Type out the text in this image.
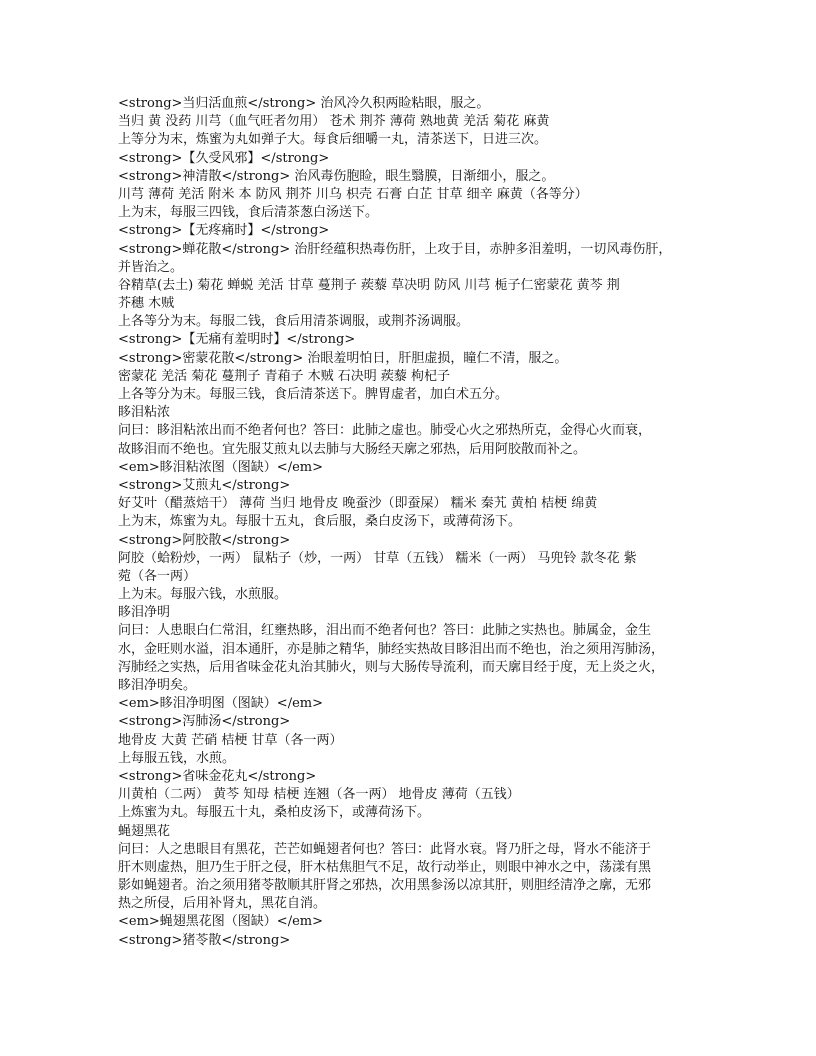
<strong>当归活血煎</strong> 治风冷久积两睑粘眼，服之。
当归 黄 没药 川芎（血气旺者勿用） 苍术 荆芥 薄荷 熟地黄 羌活 菊花 麻黄
上等分为末，炼蜜为丸如弹子大。每食后细嚼一丸，清茶送下，日进三次。
<strong>【久受风邪】</strong>
<strong>神清散</strong> 治风毒伤胞睑，眼生翳膜，日渐细小，服之。
川芎 薄荷 羌活 附米 本 防风 荆芥 川乌 枳壳 石膏 白芷 甘草 细辛 麻黄（各等分）
上为末，每服三四钱，食后清茶葱白汤送下。
<strong>【无疼痛时】</strong>
<strong>蝉花散</strong> 治肝经蕴积热毒伤肝，上攻于目，赤肿多泪羞明，一切风毒伤肝，
并皆治之。
谷精草(去土) 菊花 蝉蜕 羌活 甘草 蔓荆子 蒺藜 草决明 防风 川芎 栀子仁密蒙花 黄芩 荆
芥穗 木贼
上各等分为末。每服二钱，食后用清茶调服，或荆芥汤调服。
<strong>【无痛有羞明时】</strong>
<strong>密蒙花散</strong> 治眼羞明怕日，肝胆虚损，瞳仁不清，服之。
密蒙花 羌活 菊花 蔓荆子 青葙子 木贼 石决明 蒺藜 枸杞子
上各等分为末。每服三钱，食后清茶送下。脾胃虚者，加白术五分。
眵泪粘浓
问曰：眵泪粘浓出而不绝者何也？答曰：此肺之虚也。肺受心火之邪热所克，金得心火而衰，
故眵泪而不绝也。宜先服艾煎丸以去肺与大肠经天廓之邪热，后用阿胶散而补之。
<em>眵泪粘浓图（图缺）</em>
<strong>艾煎丸</strong>
好艾叶（醋蒸焙干） 薄荷 当归 地骨皮 晚蚕沙（即蚕屎） 糯米 秦艽 黄柏 桔梗 绵黄
上为末，炼蜜为丸。每服十五丸，食后服，桑白皮汤下，或薄荷汤下。
<strong>阿胶散</strong>
阿胶（蛤粉炒，一两） 鼠粘子（炒，一两） 甘草（五钱） 糯米（一两） 马兜铃 款冬花 紫
菀（各一两）
上为末。每服六钱，水煎服。
眵泪净明
问曰：人患眼白仁常泪，红壅热眵，泪出而不绝者何也？答曰：此肺之实热也。肺属金，金生
水，金旺则水溢，泪本通肝，亦是肺之精华，肺经实热故目眵泪出而不绝也，治之须用泻肺汤，
泻肺经之实热，后用省味金花丸治其肺火，则与大肠传导流利，而天廓目经于度，无上炎之火，
眵泪净明矣。
<em>眵泪净明图（图缺）</em>
<strong>泻肺汤</strong>
地骨皮 大黄 芒硝 桔梗 甘草（各一两）
上每服五钱，水煎。
<strong>省味金花丸</strong>
川黄柏（二两） 黄芩 知母 桔梗 连翘（各一两） 地骨皮 薄荷（五钱）
上炼蜜为丸。每服五十丸，桑柏皮汤下，或薄荷汤下。
蝇翅黑花
问曰：人之患眼目有黑花，芒芒如蝇翅者何也？答曰：此肾水衰。肾乃肝之母，肾水不能济于
肝木则虚热，胆乃生于肝之侵，肝木枯焦胆气不足，故行动举止，则眼中神水之中，荡漾有黑
影如蝇翅者。治之须用猪苓散顺其肝肾之邪热，次用黑参汤以凉其肝，则胆经清净之廓，无邪
热之所侵，后用补肾丸，黑花自消。
<em>蝇翅黑花图（图缺）</em>
<strong>猪苓散</strong>
